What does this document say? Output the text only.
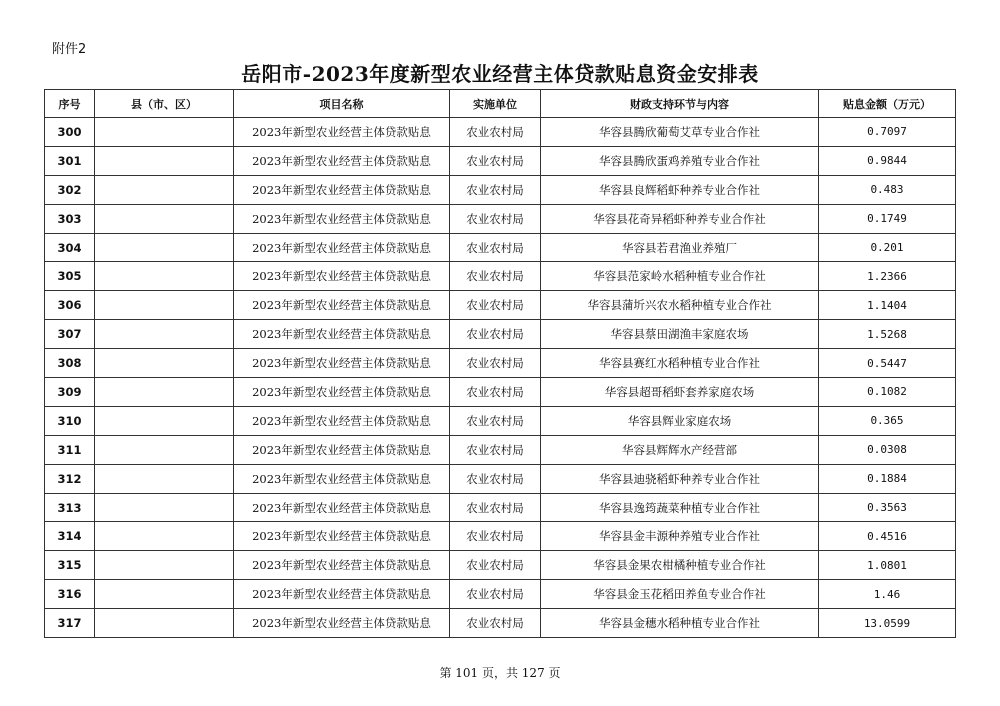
附件2
岳阳市-2023年度新型农业经营主体贷款贴息资金安排表
序号	县（市、区）	项目名称	实施单位	财政支持环节与内容	贴息金额（万元）
300		2023年新型农业经营主体贷款贴息	农业农村局	华容县腾欣葡萄艾草专业合作社	0.7097
301		2023年新型农业经营主体贷款贴息	农业农村局	华容县腾欣蛋鸡养殖专业合作社	0.9844
302		2023年新型农业经营主体贷款贴息	农业农村局	华容县良辉稻虾种养专业合作社	0.483
303		2023年新型农业经营主体贷款贴息	农业农村局	华容县花奇异稻虾种养专业合作社	0.1749
304		2023年新型农业经营主体贷款贴息	农业农村局	华容县若君渔业养殖厂	0.201
305		2023年新型农业经营主体贷款贴息	农业农村局	华容县范家岭水稻种植专业合作社	1.2366
306		2023年新型农业经营主体贷款贴息	农业农村局	华容县蒲圻兴农水稻种植专业合作社	1.1404
307		2023年新型农业经营主体贷款贴息	农业农村局	华容县蔡田湖渔丰家庭农场	1.5268
308		2023年新型农业经营主体贷款贴息	农业农村局	华容县赛红水稻种植专业合作社	0.5447
309		2023年新型农业经营主体贷款贴息	农业农村局	华容县超哥稻虾套养家庭农场	0.1082
310		2023年新型农业经营主体贷款贴息	农业农村局	华容县辉业家庭农场	0.365
311		2023年新型农业经营主体贷款贴息	农业农村局	华容县辉辉水产经营部	0.0308
312		2023年新型农业经营主体贷款贴息	农业农村局	华容县迪骁稻虾种养专业合作社	0.1884
313		2023年新型农业经营主体贷款贴息	农业农村局	华容县逸筠蔬菜种植专业合作社	0.3563
314		2023年新型农业经营主体贷款贴息	农业农村局	华容县金丰源种养殖专业合作社	0.4516
315		2023年新型农业经营主体贷款贴息	农业农村局	华容县金果农柑橘种植专业合作社	1.0801
316		2023年新型农业经营主体贷款贴息	农业农村局	华容县金玉花稻田养鱼专业合作社	1.46
317		2023年新型农业经营主体贷款贴息	农业农村局	华容县金穗水稻种植专业合作社	13.0599
第 101 页，共 127 页
